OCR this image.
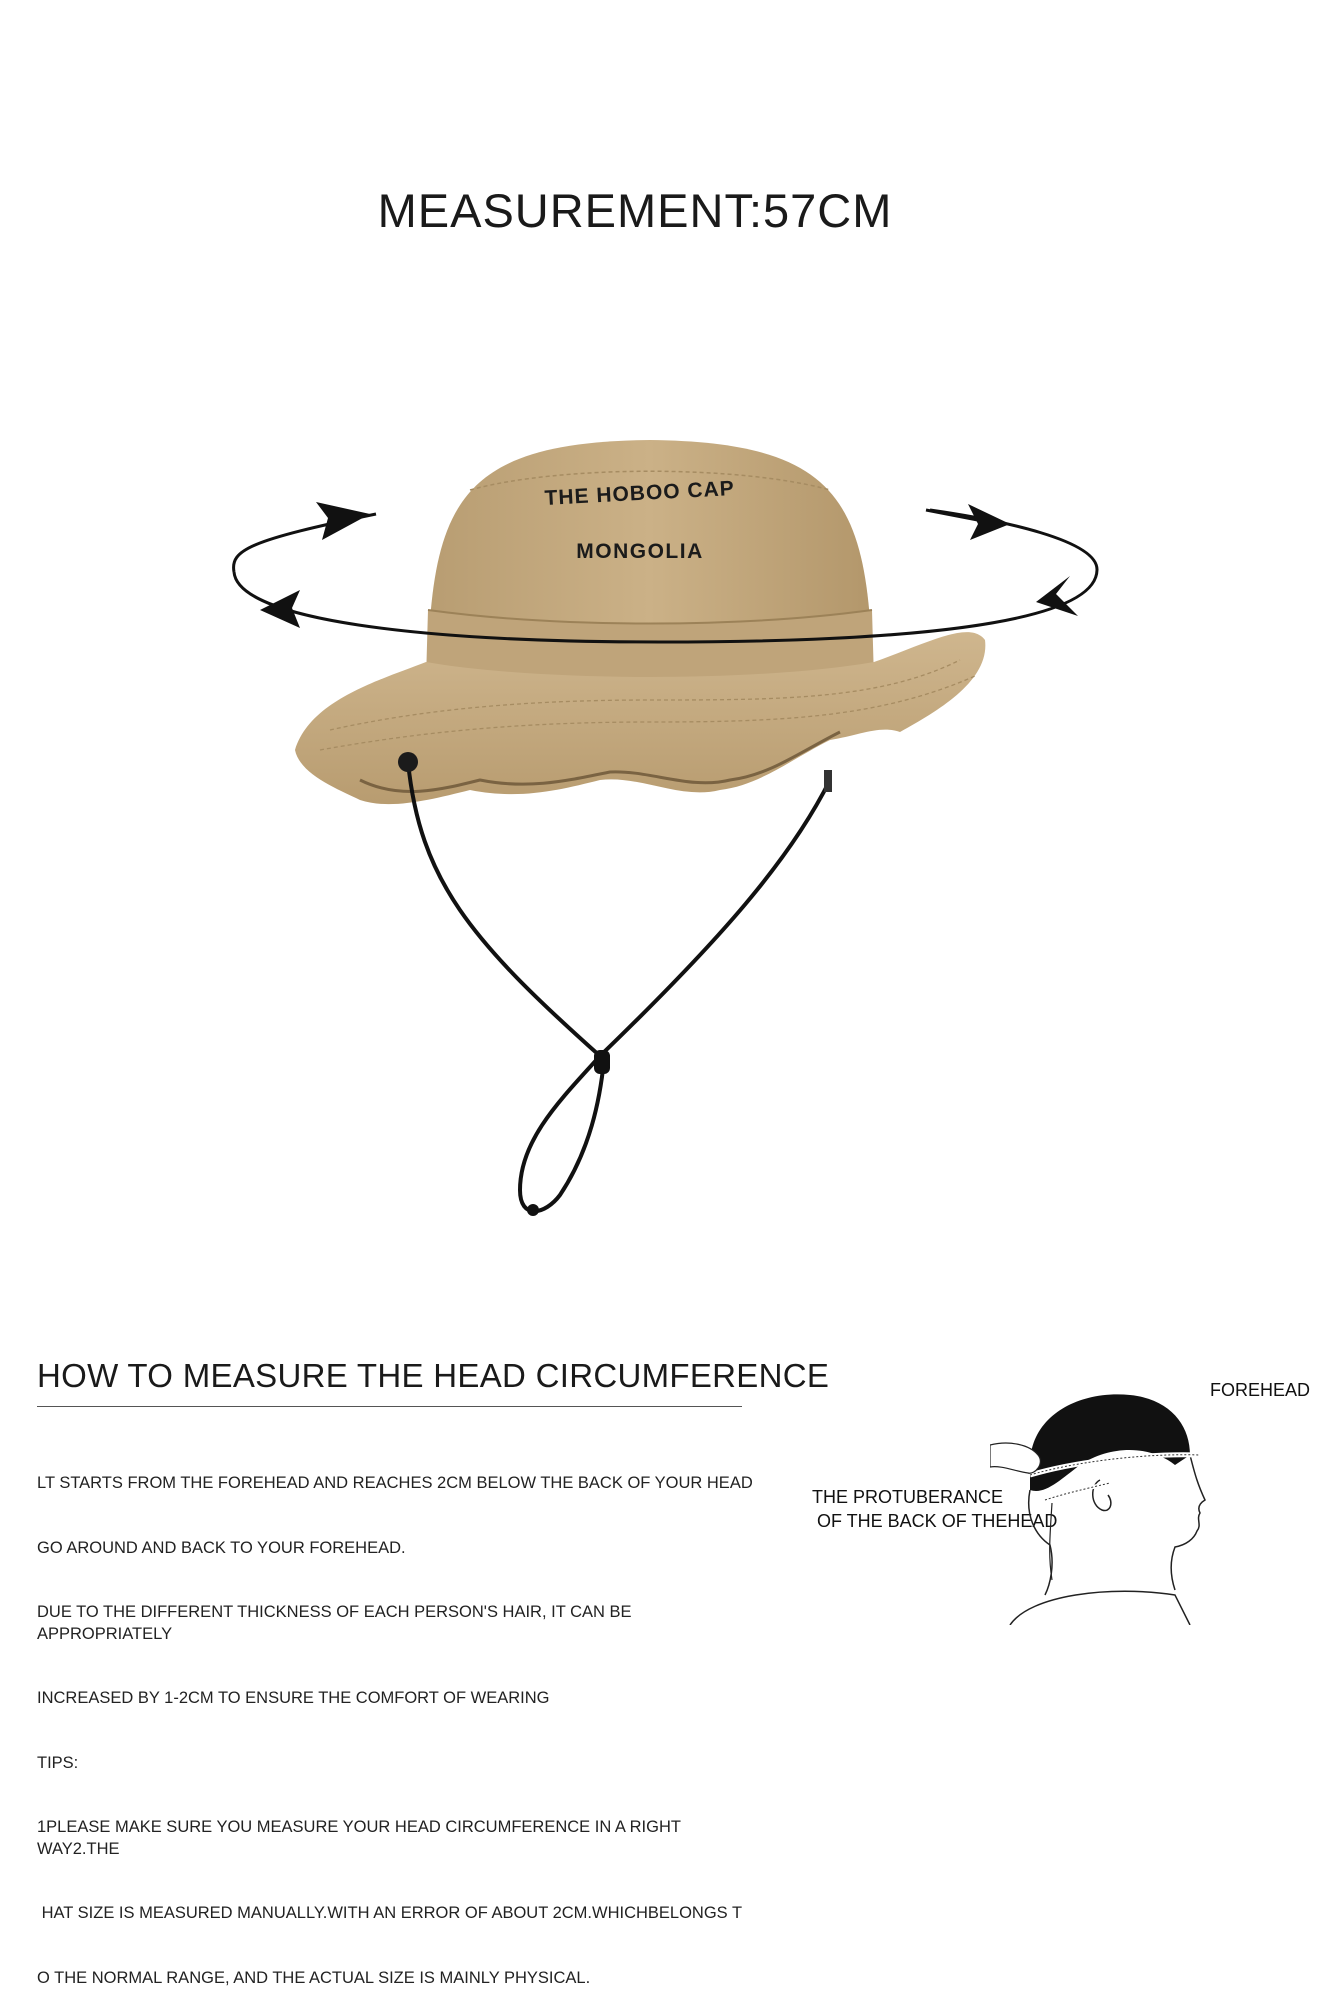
MEASUREMENT:57CM
THE HOBOO CAP
MONGOLIA
HOW TO MEASURE THE HEAD CIRCUMFERENCE

LT STARTS FROM THE FOREHEAD AND REACHES 2CM BELOW THE BACK OF YOUR HEAD

GO AROUND AND BACK TO YOUR FOREHEAD.

DUE TO THE DIFFERENT THICKNESS OF EACH PERSON'S HAIR, IT CAN BE APPROPRIATELY

INCREASED BY 1-2CM TO ENSURE THE COMFORT OF WEARING

TIPS:

1PLEASE MAKE SURE YOU MEASURE YOUR HEAD CIRCUMFERENCE IN A RIGHT WAY2.THE

HAT SIZE IS MEASURED MANUALLY.WITH AN ERROR OF ABOUT 2CM.WHICHBELONGS T

O THE NORMAL RANGE, AND THE ACTUAL SIZE IS MAINLY PHYSICAL.

FOREHEAD
THE PROTUBERANCE
OF THE BACK OF THEHEAD
